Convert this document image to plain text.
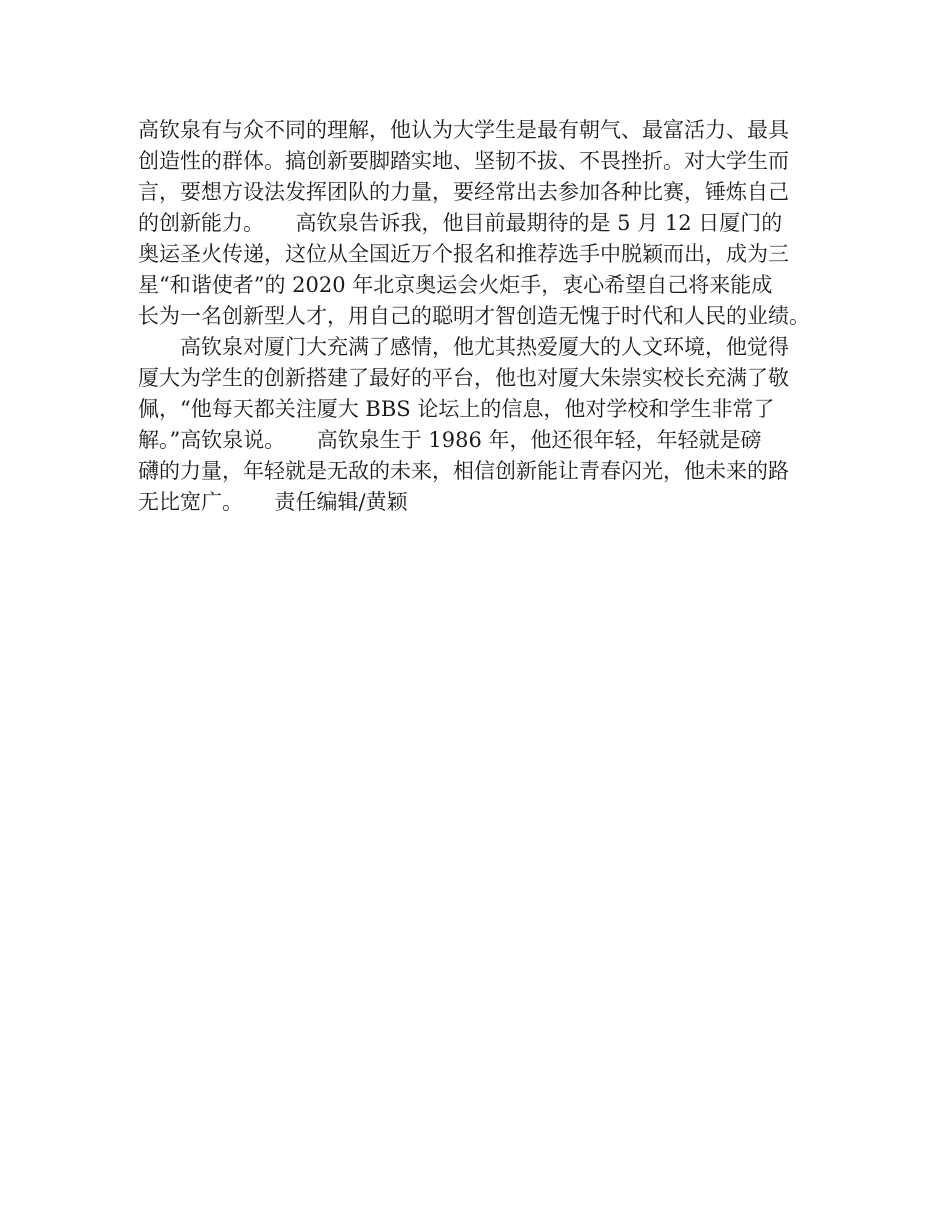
高钦泉有与众不同的理解，他认为大学生是最有朝气、最富活力、最具
创造性的群体。搞创新要脚踏实地、坚韧不拔、不畏挫折。对大学生而
言，要想方设法发挥团队的力量，要经常出去参加各种比赛，锤炼自己
的创新能力。　　高钦泉告诉我，他目前最期待的是 5 月 12 日厦门的
奥运圣火传递，这位从全国近万个报名和推荐选手中脱颖而出，成为三
星“和谐使者”的 2020 年北京奥运会火炬手，衷心希望自己将来能成
长为一名创新型人才，用自己的聪明才智创造无愧于时代和人民的业绩。
　　高钦泉对厦门大充满了感情，他尤其热爱厦大的人文环境，他觉得
厦大为学生的创新搭建了最好的平台，他也对厦大朱崇实校长充满了敬
佩，“他每天都关注厦大 BBS 论坛上的信息，他对学校和学生非常了
解。”高钦泉说。　　高钦泉生于 1986 年，他还很年轻，年轻就是磅
礴的力量，年轻就是无敌的未来，相信创新能让青春闪光，他未来的路
无比宽广。　　责任编辑/黄颖
